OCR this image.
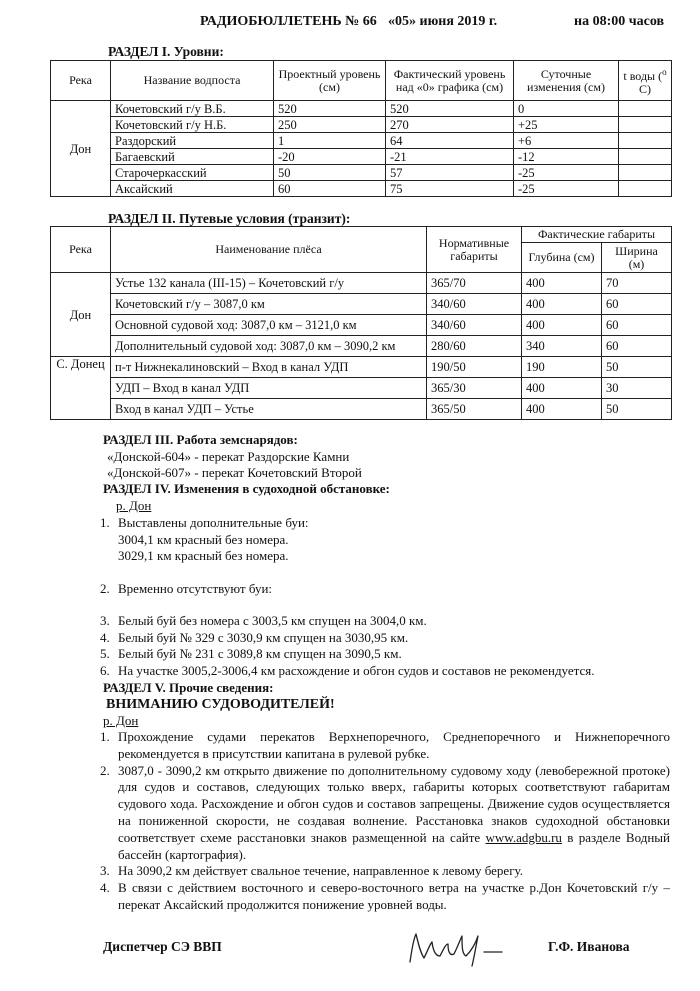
РАДИОБЮЛЛЕТЕНЬ № 66 «05» июня 2019 г.	на 08:00 часов
РАЗДЕЛ I. Уровни:
Река	Название водпоста	Проектный уровень (см)	Фактический уровень над «0» графика (см)	Суточные изменения (см)	t воды ($^o$ C)
Дон	Кочетовский г/у В.Б.	520	520	0	
	Кочетовский г/у Н.Б.	250	270	+25	
	Раздорский	1	64	+6	
	Багаевский	-20	-21	-12	
	Старочеркасский	50	57	-25	
	Аксайский	60	75	-25	
РАЗДЕЛ II. Путевые условия (транзит):
Река	Наименование плёса	Нормативные габариты	Фактические габариты	
			Глубина (см)	Ширина (м)
Дон	Устье 132 канала (III-15) – Кочетовский г/у	365/70	400	70
	Кочетовский г/у – 3087,0 км	340/60	400	60
	Основной судовой ход: 3087,0 км – 3121,0 км	340/60	400	60
	Дополнительный судовой ход: 3087,0 км – 3090,2 км	280/60	340	60
С. Донец	п-т Нижнекалиновский – Вход в канал УДП	190/50	190	50
	УДП – Вход в канал УДП	365/30	400	30
	Вход в канал УДП – Устье	365/50	400	50
РАЗДЕЛ III. Работа земснарядов:
«Донской-604» - перекат Раздорские Камни
«Донской-607» - перекат Кочетовский Второй
РАЗДЕЛ IV. Изменения в судоходной обстановке:
р. Дон
1. Выставлены дополнительные буи:
3004,1 км красный без номера.
3029,1 км красный без номера.
2. Временно отсутствуют буи:
3. Белый буй без номера с 3003,5 км спущен на 3004,0 км.
4. Белый буй № 329 с 3030,9 км спущен на 3030,95 км.
5. Белый буй № 231 с 3089,8 км спущен на 3090,5 км.
6. На участке 3005,2-3006,4 км расхождение и обгон судов и составов не рекомендуется.
РАЗДЕЛ V. Прочие сведения:
ВНИМАНИЮ СУДОВОДИТЕЛЕЙ!
р. Дон
1. Прохождение судами перекатов Верхнепоречного, Среднепоречного и Нижнепоречного рекомендуется в присутствии капитана в рулевой рубке.
2. 3087,0 - 3090,2 км открыто движение по дополнительному судовому ходу (левобережной протоке) для судов и составов, следующих только вверх, габариты которых соответствуют габаритам судового хода. Расхождение и обгон судов и составов запрещены. Движение судов осуществляется на пониженной скорости, не создавая волнение. Расстановка знаков судоходной обстановки соответствует схеме расстановки знаков размещенной на сайте www.adgbu.ru в разделе Водный бассейн (картография).
3. На 3090,2 км действует свальное течение, направленное к левому берегу.
4. В связи с действием восточного и северо-восточного ветра на участке р.Дон Кочетовский г/у – перекат Аксайский продолжится понижение уровней воды.
Диспетчер СЭ ВВП	Г.Ф. Иванова
